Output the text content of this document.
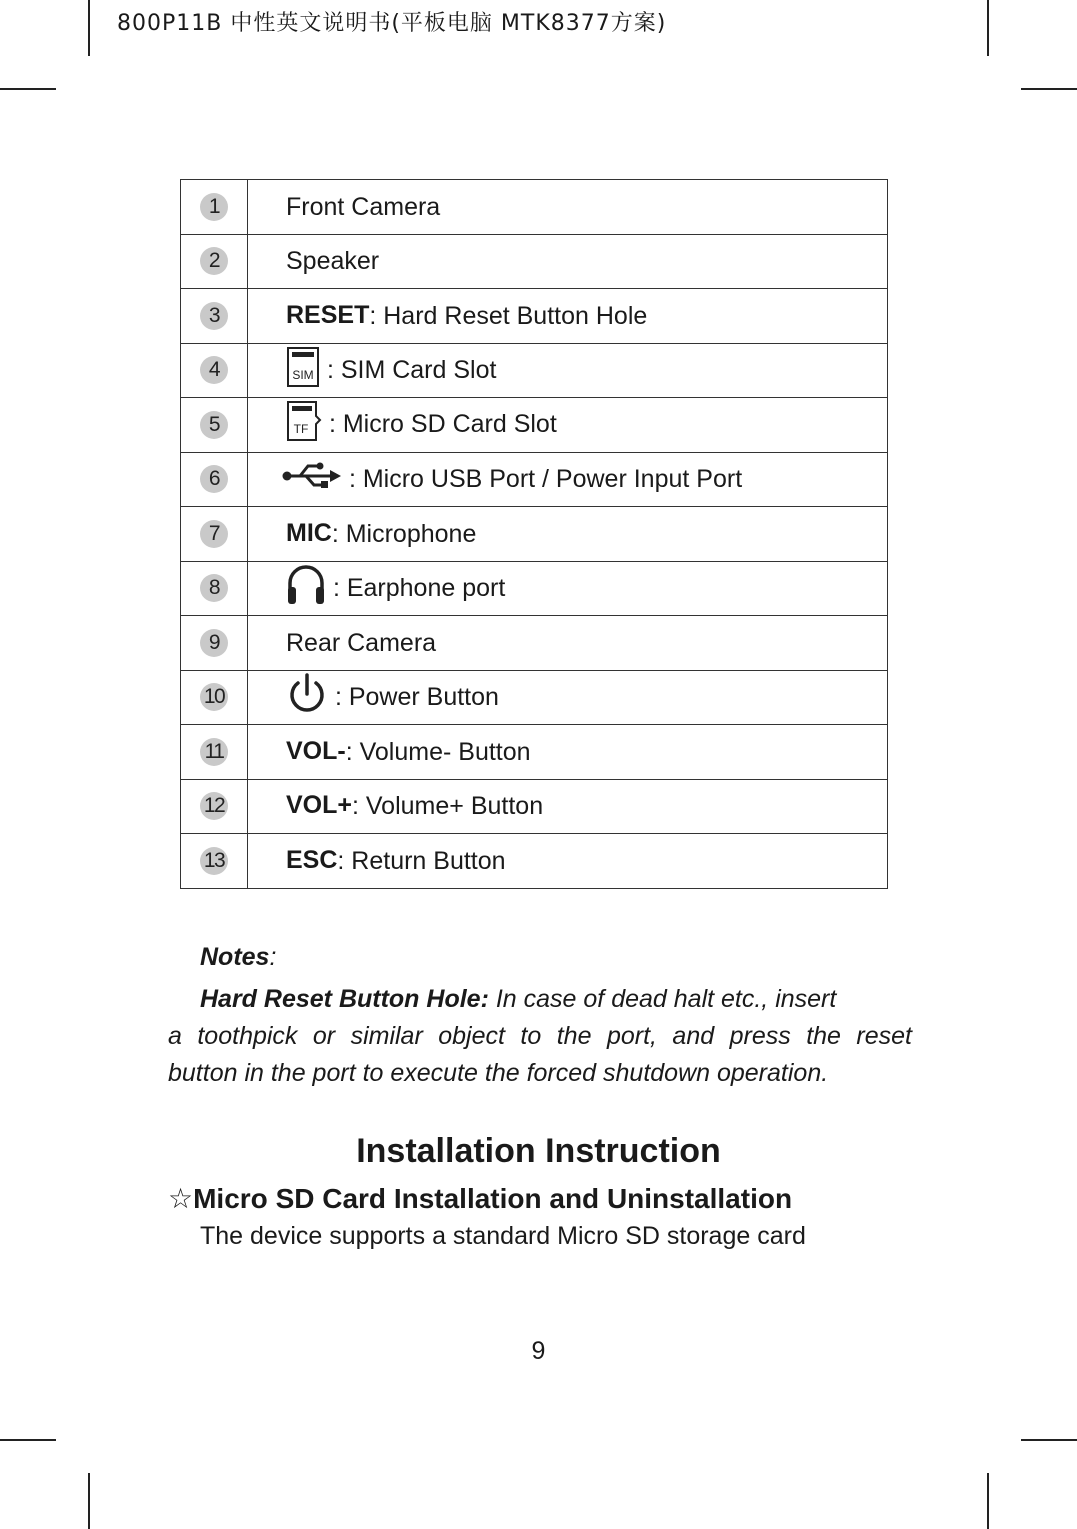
800P11B 中性英文说明书(平板电脑 MTK8377方案)
1	Front Camera
2	Speaker
3	RESET: Hard Reset Button Hole
4	SIM : SIM Card Slot
5	TF : Micro SD Card Slot
6	: Micro USB Port / Power Input Port
7	MIC: Microphone
8	: Earphone port
9	Rear Camera
10	: Power Button
11	VOL-: Volume- Button
12	VOL+: Volume+ Button
13	ESC: Return Button
Notes:
Hard Reset Button Hole: In case of dead halt etc., insert
a toothpick or similar object to the port, and press the reset
button in the port to execute the forced shutdown operation.
Installation Instruction
☆Micro SD Card Installation and Uninstallation
The device supports a standard Micro SD storage card
9
